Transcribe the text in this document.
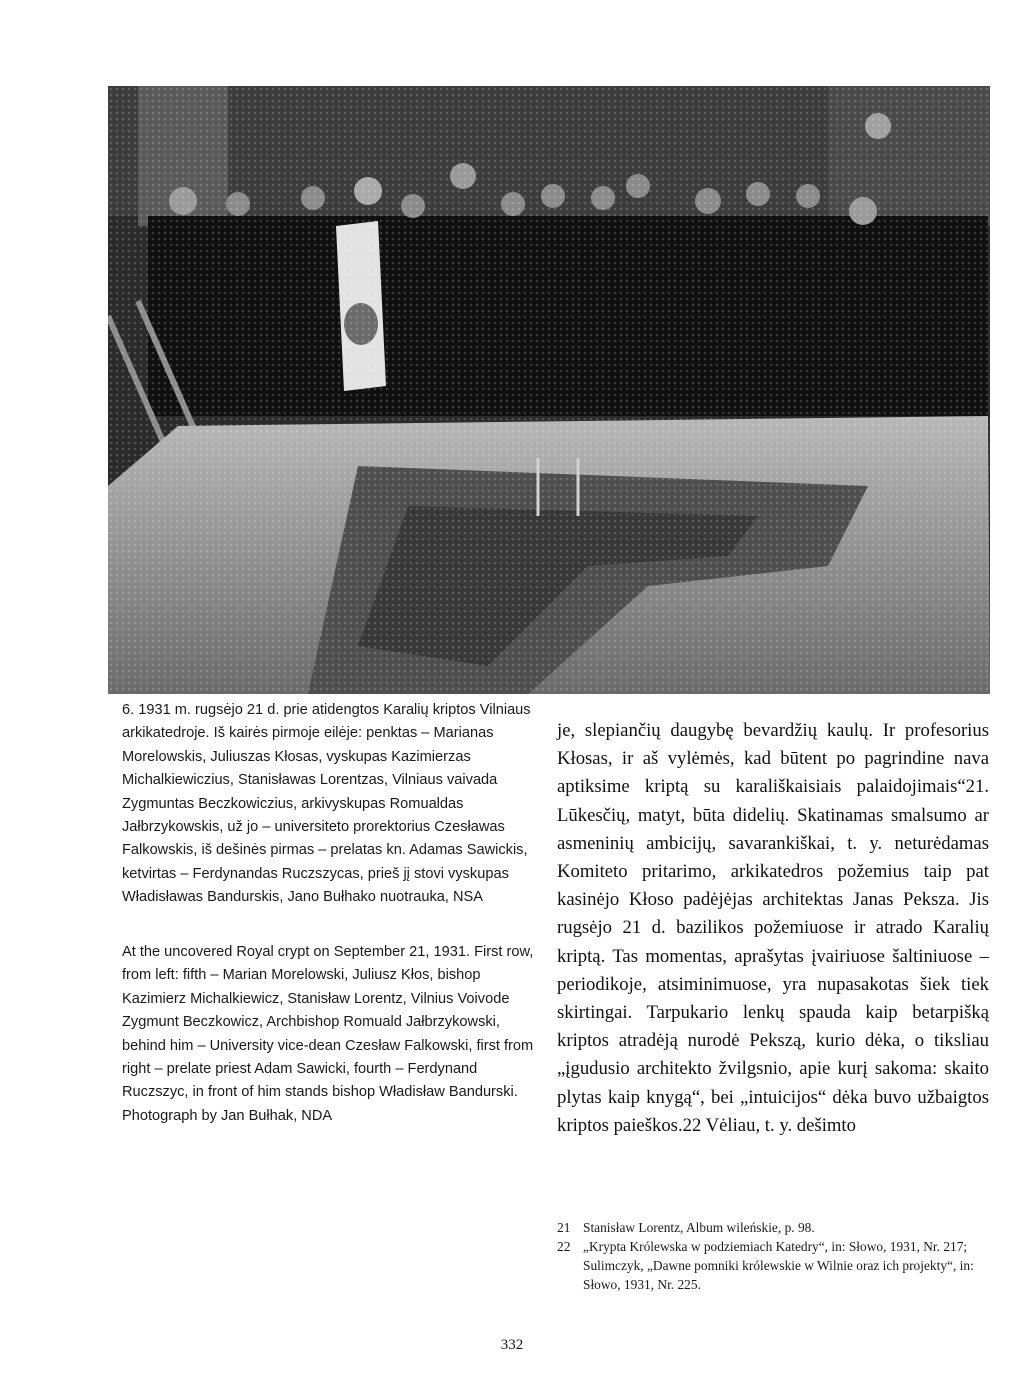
6. 1931 m. rugsėjo 21 d. prie atidengtos Karalių kriptos Vilniaus arkikatedroje. Iš kairės pirmoje eilėje: penktas – Marianas Morelowskis, Juliuszas Kłosas, vyskupas Kazimierzas Michalkiewiczius, Stanisławas Lorentzas, Vilniaus vaivada Zygmuntas Beczkowiczius, arkivyskupas Romualdas Jałbrzykowskis, už jo – universiteto prorektorius Czesławas Falkowskis, iš dešinės pirmas – prelatas kn. Adamas Sawickis, ketvirtas – Ferdynandas Ruczszycas, prieš jį stovi vyskupas Władisławas Bandurskis, Jano Bułhako nuotrauka, NSA

At the uncovered Royal crypt on September 21, 1931. First row, from left: fifth – Marian Morelowski, Juliusz Kłos, bishop Kazimierz Michalkiewicz, Stanisław Lorentz, Vilnius Voivode Zygmunt Beczkowicz, Archbishop Romuald Jałbrzykowski, behind him – University vice-dean Czesław Falkowski, first from right – prelate priest Adam Sawicki, fourth – Ferdynand Ruczszyc, in front of him stands bishop Władisław Bandurski. Photograph by Jan Bułhak, NDA

je, slepiančių daugybę bevardžių kaulų. Ir profesorius Kłosas, ir aš vylėmės, kad būtent po pagrindine nava aptiksime kriptą su karališkaisiais palaidojimais“21. Lūkesčių, matyt, būta didelių. Skatinamas smalsumo ar asmeninių ambicijų, savarankiškai, t. y. neturėdamas Komiteto pritarimo, arkikatedros požemius taip pat kasinėjo Kłoso padėjėjas architektas Janas Peksza. Jis rugsėjo 21 d. bazilikos požemiuose ir atrado Karalių kriptą. Tas momentas, aprašytas įvairiuose šaltiniuose – periodikoje, atsiminimuose, yra nupasakotas šiek tiek skirtingai. Tarpukario lenkų spauda kaip betarpišką kriptos atradėją nurodė Pekszą, kurio dėka, o tiksliau „įgudusio architekto žvilgsnio, apie kurį sakoma: skaito plytas kaip knygą“, bei „intuicijos“ dėka buvo užbaigtos kriptos paieškos.22 Vėliau, t. y. dešimto

21 Stanisław Lorentz, Album wileńskie, p. 98.
22 „Krypta Królewska w podziemiach Katedry“, in: Słowo, 1931, Nr. 217; Sulimczyk, „Dawne pomniki królewskie w Wilnie oraz ich projekty“, in: Słowo, 1931, Nr. 225.
332
